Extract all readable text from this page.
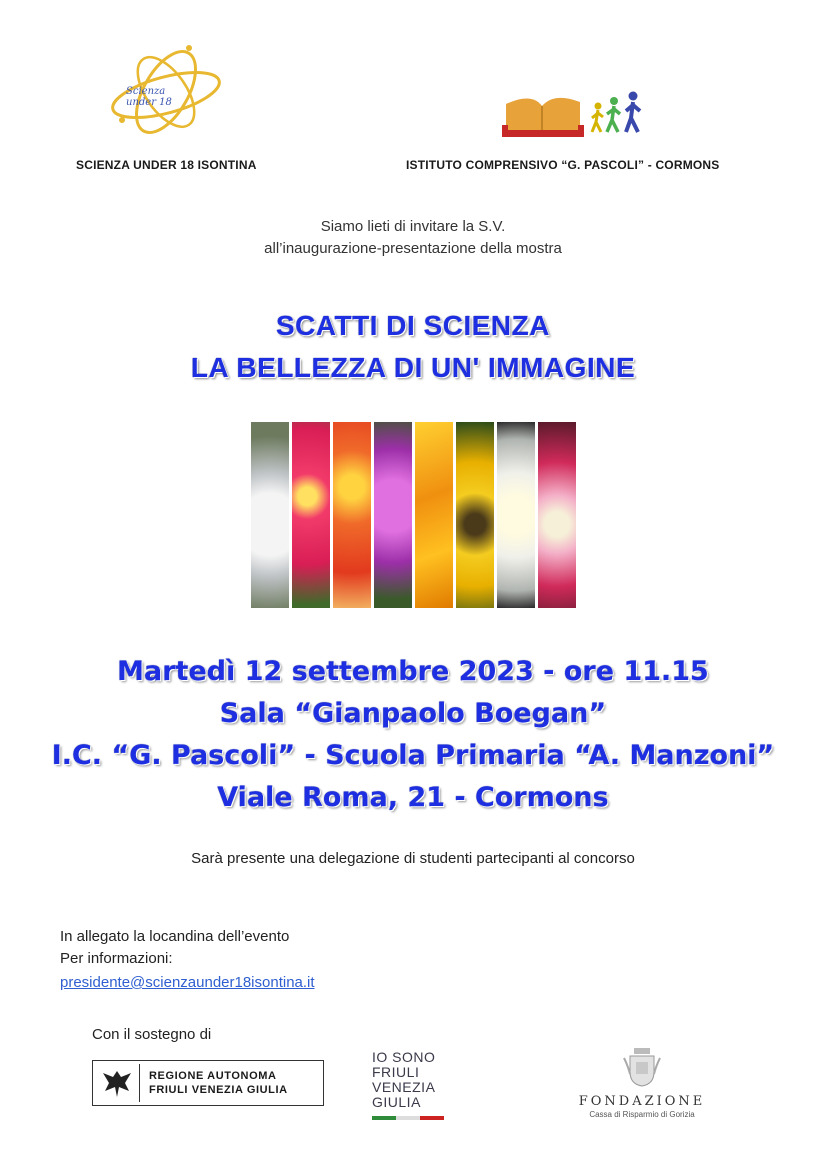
Scienza under 18
SCIENZA UNDER 18 ISONTINA	ISTITUTO COMPRENSIVO “G. PASCOLI” - CORMONS
Siamo lieti di invitare la S.V.
all’inaugurazione-presentazione della mostra
SCATTI DI SCIENZA
LA BELLEZZA DI UN' IMMAGINE
Martedì 12 settembre 2023 - ore 11.15
Sala “Gianpaolo Boegan”
I.C. “G. Pascoli” - Scuola Primaria “A. Manzoni”
Viale Roma, 21 - Cormons
Sarà presente una delegazione di studenti partecipanti al concorso
In allegato la locandina dell’evento
Per informazioni:
presidente@scienzaunder18isontina.it
Con il sostegno di
REGIONE AUTONOMA
FRIULI VENEZIA GIULIA
IO SONO
FRIULI
VENEZIA
GIULIA	FONDAZIONE
Cassa di Risparmio di Gorizia
